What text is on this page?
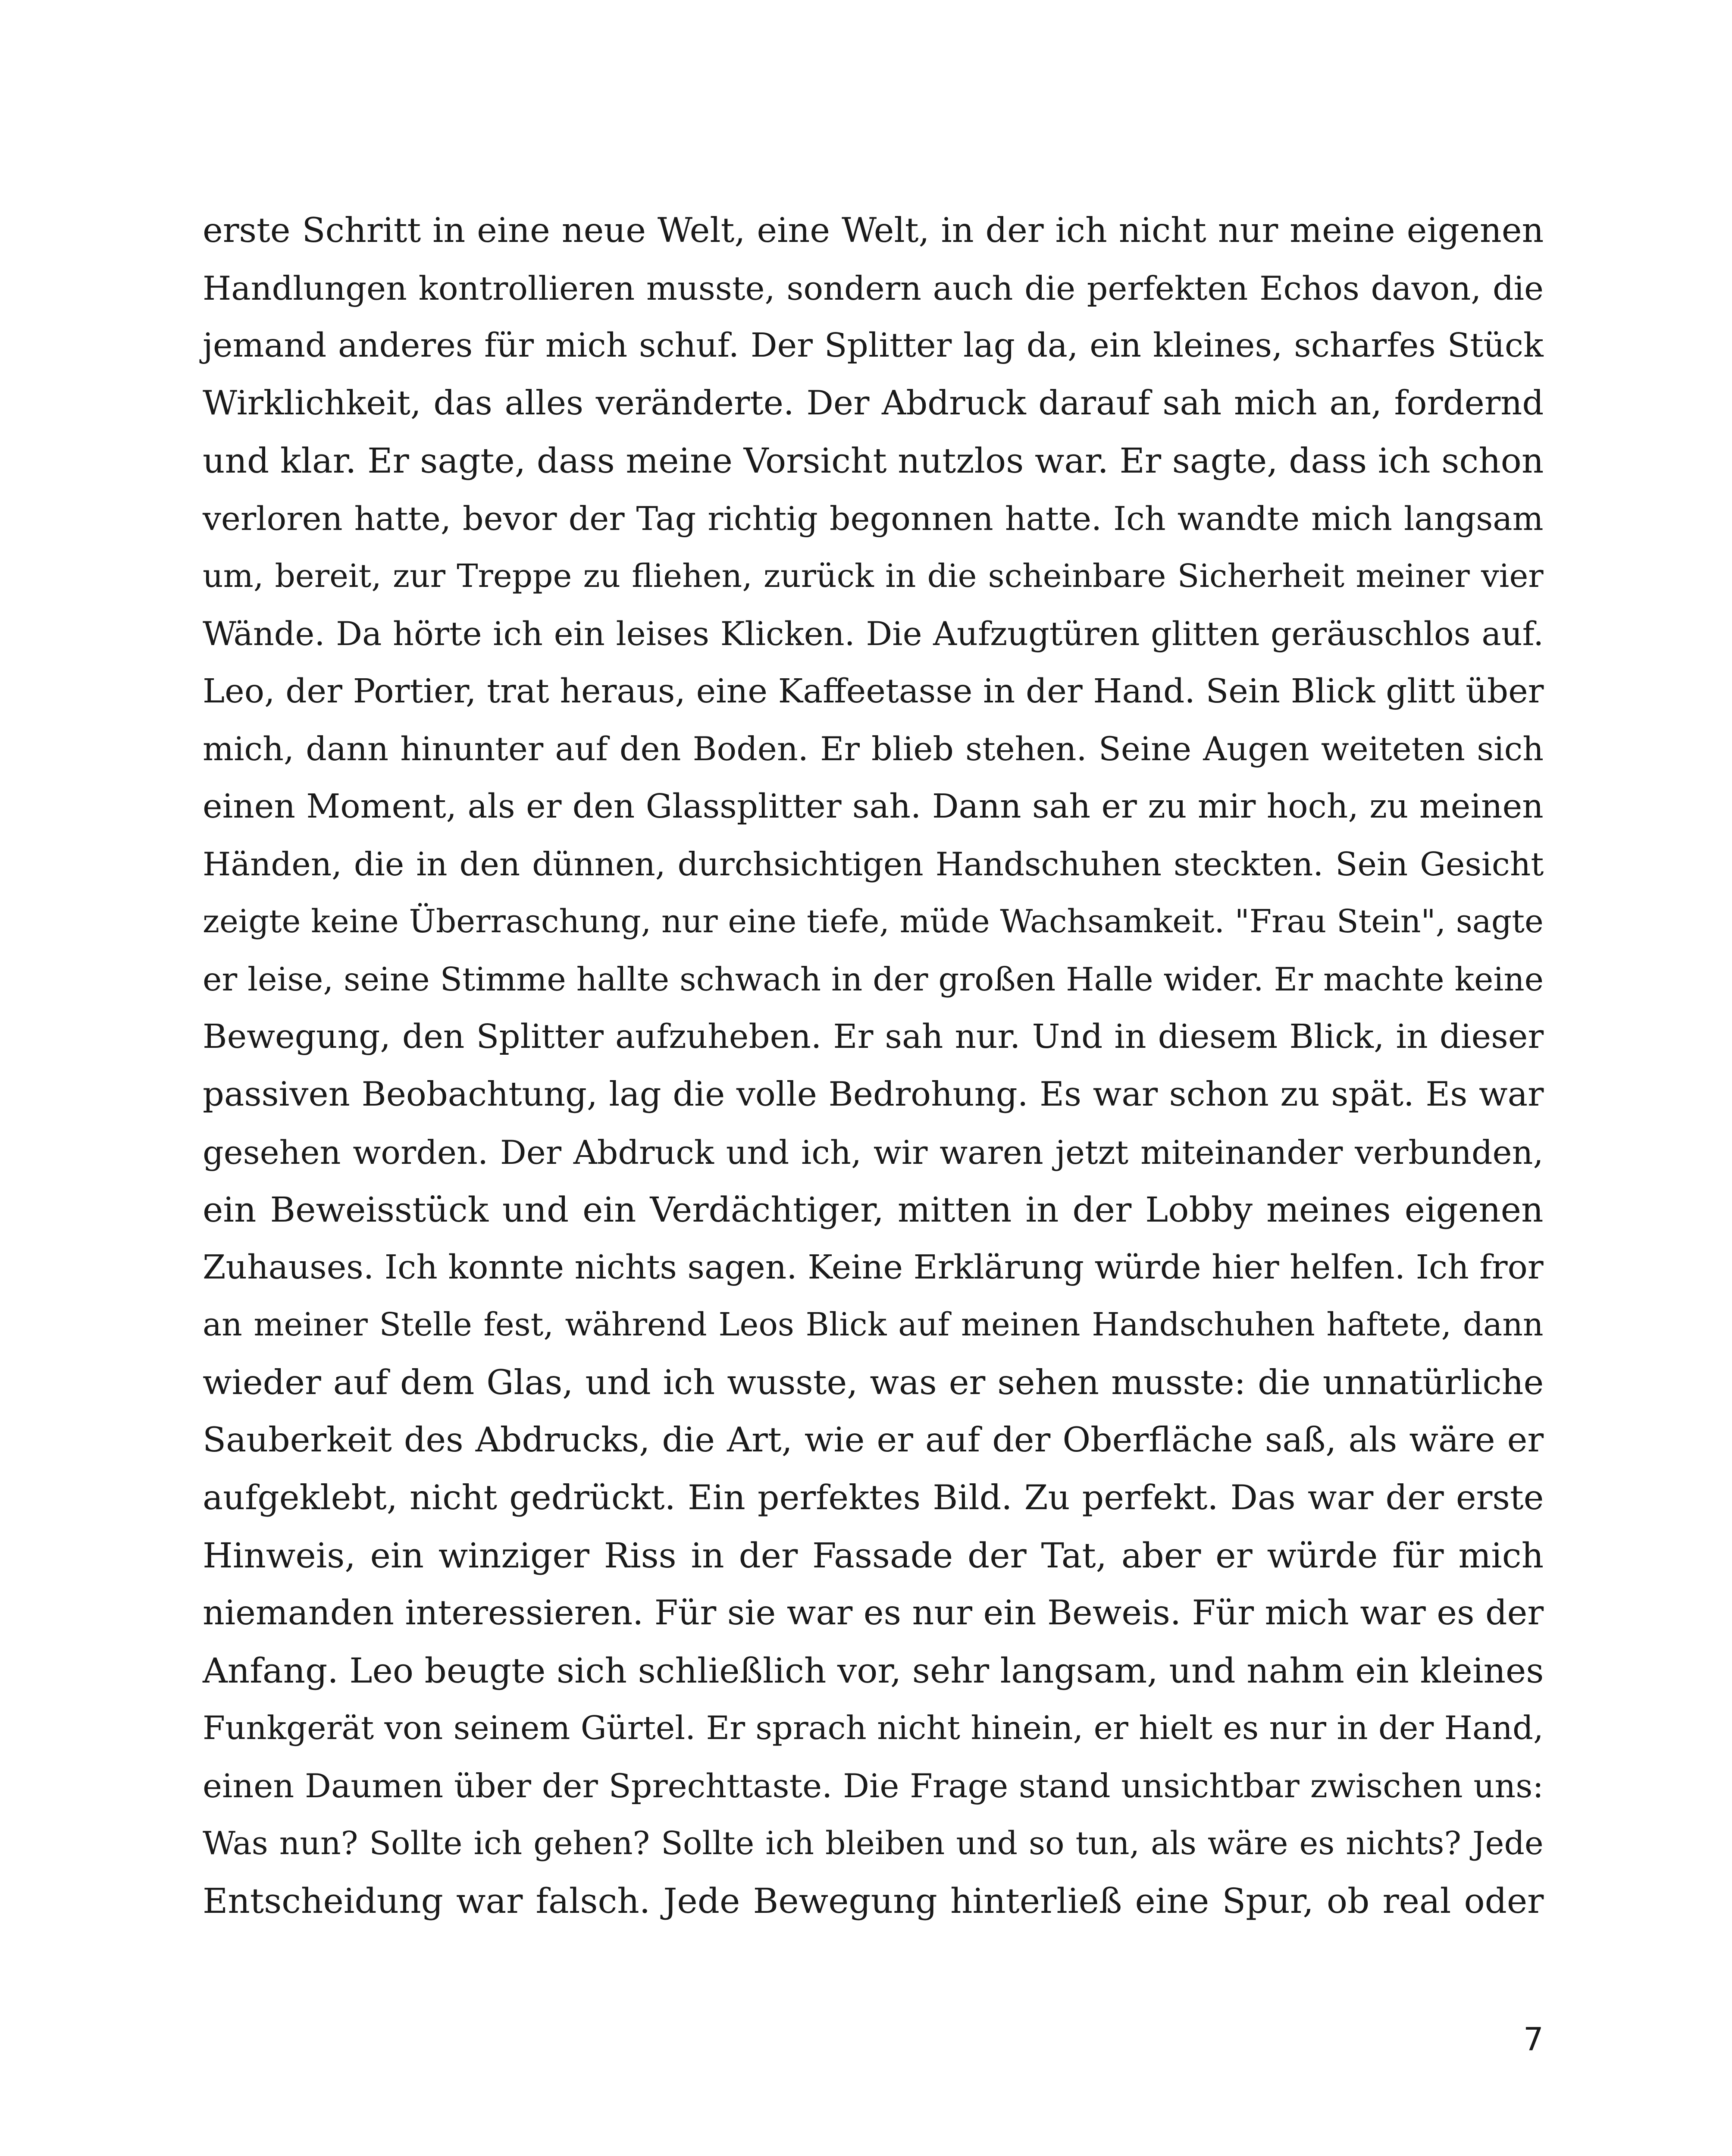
erste Schritt in eine neue Welt, eine Welt, in der ich nicht nur meine eigenen
Handlungen kontrollieren musste, sondern auch die perfekten Echos davon, die
jemand anderes für mich schuf. Der Splitter lag da, ein kleines, scharfes Stück
Wirklichkeit, das alles veränderte. Der Abdruck darauf sah mich an, fordernd
und klar. Er sagte, dass meine Vorsicht nutzlos war. Er sagte, dass ich schon
verloren hatte, bevor der Tag richtig begonnen hatte. Ich wandte mich langsam
um, bereit, zur Treppe zu fliehen, zurück in die scheinbare Sicherheit meiner vier
Wände. Da hörte ich ein leises Klicken. Die Aufzugtüren glitten geräuschlos auf.
Leo, der Portier, trat heraus, eine Kaffeetasse in der Hand. Sein Blick glitt über
mich, dann hinunter auf den Boden. Er blieb stehen. Seine Augen weiteten sich
einen Moment, als er den Glassplitter sah. Dann sah er zu mir hoch, zu meinen
Händen, die in den dünnen, durchsichtigen Handschuhen steckten. Sein Gesicht
zeigte keine Überraschung, nur eine tiefe, müde Wachsamkeit. "Frau Stein", sagte
er leise, seine Stimme hallte schwach in der großen Halle wider. Er machte keine
Bewegung, den Splitter aufzuheben. Er sah nur. Und in diesem Blick, in dieser
passiven Beobachtung, lag die volle Bedrohung. Es war schon zu spät. Es war
gesehen worden. Der Abdruck und ich, wir waren jetzt miteinander verbunden,
ein Beweisstück und ein Verdächtiger, mitten in der Lobby meines eigenen
Zuhauses. Ich konnte nichts sagen. Keine Erklärung würde hier helfen. Ich fror
an meiner Stelle fest, während Leos Blick auf meinen Handschuhen haftete, dann
wieder auf dem Glas, und ich wusste, was er sehen musste: die unnatürliche
Sauberkeit des Abdrucks, die Art, wie er auf der Oberfläche saß, als wäre er
aufgeklebt, nicht gedrückt. Ein perfektes Bild. Zu perfekt. Das war der erste
Hinweis, ein winziger Riss in der Fassade der Tat, aber er würde für mich
niemanden interessieren. Für sie war es nur ein Beweis. Für mich war es der
Anfang. Leo beugte sich schließlich vor, sehr langsam, und nahm ein kleines
Funkgerät von seinem Gürtel. Er sprach nicht hinein, er hielt es nur in der Hand,
einen Daumen über der Sprechttaste. Die Frage stand unsichtbar zwischen uns:
Was nun? Sollte ich gehen? Sollte ich bleiben und so tun, als wäre es nichts? Jede
Entscheidung war falsch. Jede Bewegung hinterließ eine Spur, ob real oder
7
